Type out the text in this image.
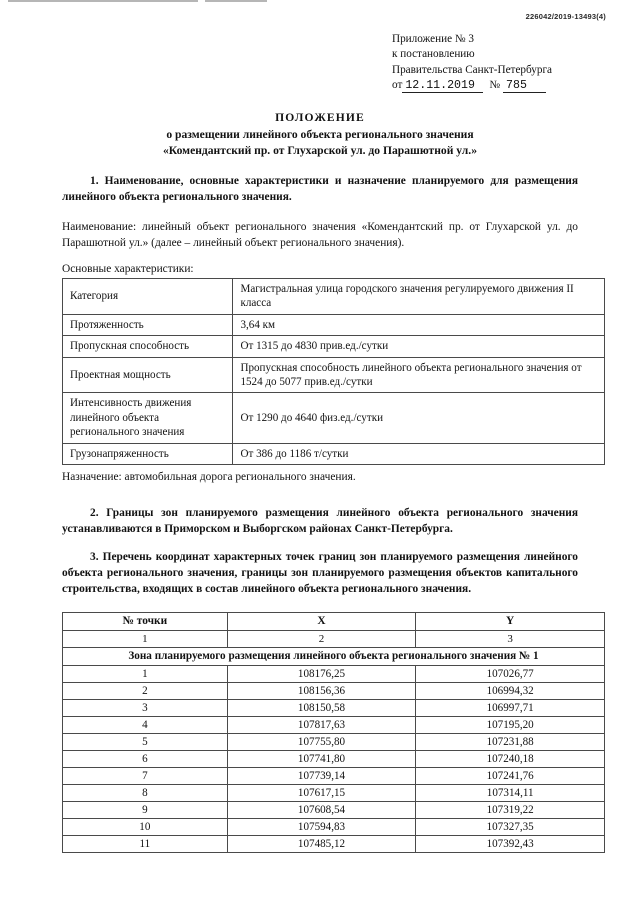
226042/2019-13493(4)
Приложение № 3
к постановлению
Правительства Санкт-Петербурга
от 12.11.2019 № 785
ПОЛОЖЕНИЕ
о размещении линейного объекта регионального значения
«Комендантский пр. от Глухарской ул. до Парашютной ул.»
1. Наименование, основные характеристики и назначение планируемого для размещения линейного объекта регионального значения.
Наименование: линейный объект регионального значения «Комендантский пр. от Глухарской ул. до Парашютной ул.» (далее – линейный объект регионального значения).
Основные характеристики:
Категория	Магистральная улица городского значения регулируемого движения II класса
Протяженность	3,64 км
Пропускная способность	От 1315 до 4830 прив.ед./сутки
Проектная мощность	Пропускная способность линейного объекта регионального значения от 1524 до 5077 прив.ед./сутки
Интенсивность движения линейного объекта регионального значения	От 1290 до 4640 физ.ед./сутки
Грузонапряженность	От 386 до 1186 т/сутки
Назначение: автомобильная дорога регионального значения.
2. Границы зон планируемого размещения линейного объекта регионального значения устанавливаются в Приморском и Выборгском районах Санкт-Петербурга.
3. Перечень координат характерных точек границ зон планируемого размещения линейного объекта регионального значения, границы зон планируемого размещения объектов капитального строительства, входящих в состав линейного объекта регионального значения.
№ точки	X	Y
1	2	3
Зона планируемого размещения линейного объекта регионального значения № 1		
1	108176,25	107026,77
2	108156,36	106994,32
3	108150,58	106997,71
4	107817,63	107195,20
5	107755,80	107231,88
6	107741,80	107240,18
7	107739,14	107241,76
8	107617,15	107314,11
9	107608,54	107319,22
10	107594,83	107327,35
11	107485,12	107392,43
